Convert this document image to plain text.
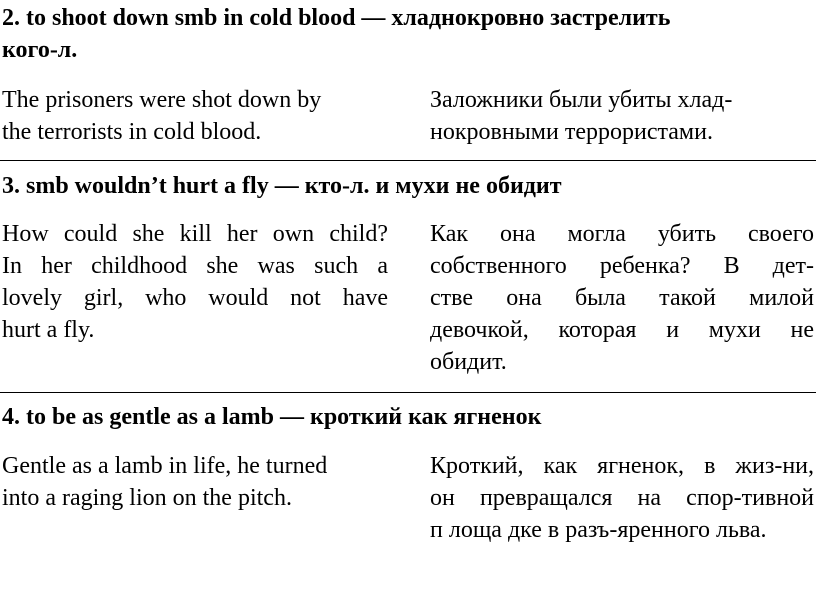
2. to shoot down smb in cold blood — хладнокровно застрелить
кого-л.
The prisoners were shot down by
the terrorists in cold blood.
Заложники были убиты хлад-
нокровными террористами.
3. smb wouldn’t hurt a fly — кто-л. и мухи не обидит
How could she kill her own child?
In her childhood she was such a
lovely girl, who would not have
hurt a fly.
Как она могла убить своего
собственного ребенка? В дет-
стве она была такой милой
девочкой, которая и мухи не
обидит.
4. to be as gentle as a lamb — кроткий как ягненок
Gentle as a lamb in life, he turned
into a raging lion on the pitch.
Кроткий, как ягненок, в жиз-ни,
он превращался на спор-тивной
п лоща дке в разъ-яренного льва.
